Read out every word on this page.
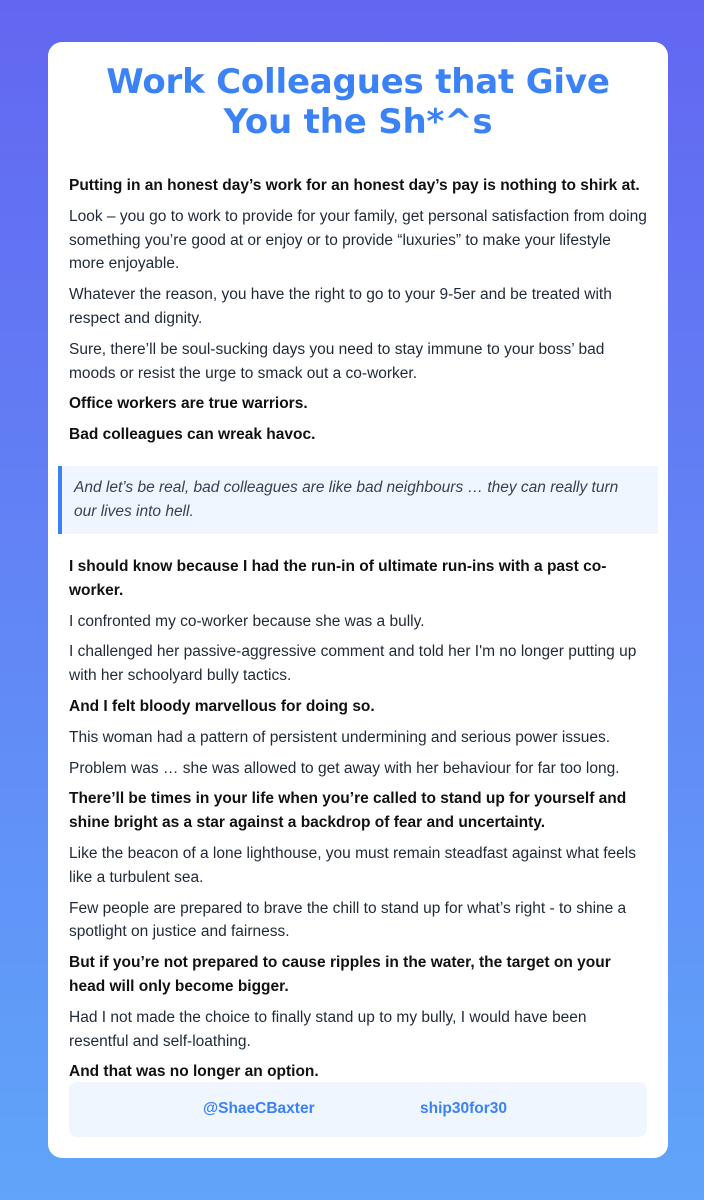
Work Colleagues that Give You the Sh*^s

Putting in an honest day’s work for an honest day’s pay is nothing to shirk at.

Look – you go to work to provide for your family, get personal satisfaction from doing something you’re good at or enjoy or to provide “luxuries” to make your lifestyle more enjoyable.

Whatever the reason, you have the right to go to your 9-5er and be treated with respect and dignity.

Sure, there’ll be soul-sucking days you need to stay immune to your boss’ bad moods or resist the urge to smack out a co-worker.

Office workers are true warriors.

Bad colleagues can wreak havoc.

And let’s be real, bad colleagues are like bad neighbours … they can really turn our lives into hell.

I should know because I had the run-in of ultimate run-ins with a past co-worker.

I confronted my co-worker because she was a bully.

I challenged her passive-aggressive comment and told her I'm no longer putting up with her schoolyard bully tactics.

And I felt bloody marvellous for doing so.

This woman had a pattern of persistent undermining and serious power issues.

Problem was … she was allowed to get away with her behaviour for far too long.

There’ll be times in your life when you’re called to stand up for yourself and shine bright as a star against a backdrop of fear and uncertainty.

Like the beacon of a lone lighthouse, you must remain steadfast against what feels like a turbulent sea.

Few people are prepared to brave the chill to stand up for what’s right - to shine a spotlight on justice and fairness.

But if you’re not prepared to cause ripples in the water, the target on your head will only become bigger.

Had I not made the choice to finally stand up to my bully, I would have been resentful and self-loathing.

And that was no longer an option.

@ShaeCBaxter	ship30for30
